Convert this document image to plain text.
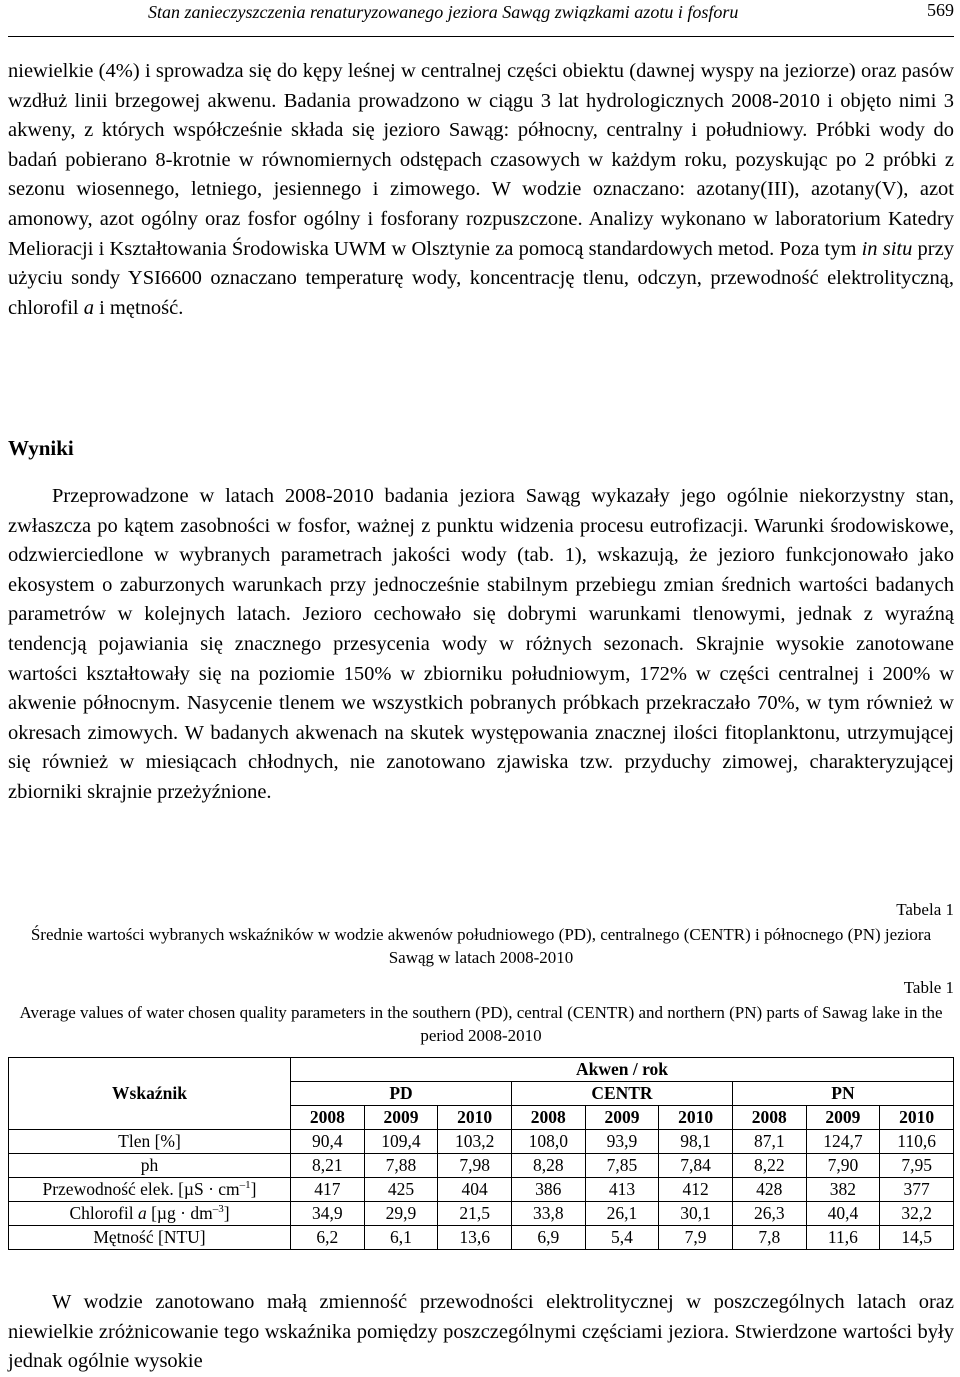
Stan zanieczyszczenia renaturyzowanego jeziora Sawąg związkami azotu i fosforu	569

niewielkie (4%) i sprowadza się do kępy leśnej w centralnej części obiektu (dawnej wyspy na jeziorze) oraz pasów wzdłuż linii brzegowej akwenu. Badania prowadzono w ciągu 3 lat hydrologicznych 2008-2010 i objęto nimi 3 akweny, z których współcześnie składa się jezioro Sawąg: północny, centralny i południowy. Próbki wody do badań pobierano 8-krotnie w równomiernych odstępach czasowych w każdym roku, pozyskując po 2 próbki z sezonu wiosennego, letniego, jesiennego i zimowego. W wodzie oznaczano: azotany(III), azotany(V), azot amonowy, azot ogólny oraz fosfor ogólny i fosforany rozpuszczone. Analizy wykonano w laboratorium Katedry Melioracji i Kształtowania Środowiska UWM w Olsztynie za pomocą standardowych metod. Poza tym in situ przy użyciu sondy YSI6600 oznaczano temperaturę wody, koncentrację tlenu, odczyn, przewodność elektrolityczną, chlorofil a i mętność.

Wyniki

Przeprowadzone w latach 2008-2010 badania jeziora Sawąg wykazały jego ogólnie niekorzystny stan, zwłaszcza po kątem zasobności w fosfor, ważnej z punktu widzenia procesu eutrofizacji. Warunki środowiskowe, odzwierciedlone w wybranych parametrach jakości wody (tab. 1), wskazują, że jezioro funkcjonowało jako ekosystem o zaburzonych warunkach przy jednocześnie stabilnym przebiegu zmian średnich wartości badanych parametrów w kolejnych latach. Jezioro cechowało się dobrymi warunkami tlenowymi, jednak z wyraźną tendencją pojawiania się znacznego przesycenia wody w różnych sezonach. Skrajnie wysokie zanotowane wartości kształtowały się na poziomie 150% w zbiorniku południowym, 172% w części centralnej i 200% w akwenie północnym. Nasycenie tlenem we wszystkich pobranych próbkach przekraczało 70%, w tym również w okresach zimowych. W badanych akwenach na skutek występowania znacznej ilości fitoplanktonu, utrzymującej się również w miesiącach chłodnych, nie zanotowano zjawiska tzw. przyduchy zimowej, charakteryzującej zbiorniki skrajnie przeżyźnione.

Tabela 1

Średnie wartości wybranych wskaźników w wodzie akwenów południowego (PD), centralnego (CENTR) i północnego (PN) jeziora Sawąg w latach 2008-2010

Table 1

Average values of water chosen quality parameters in the southern (PD), central (CENTR) and northern (PN) parts of Sawag lake in the period 2008-2010

Wskaźnik	Akwen / rok								
	PD			CENTR			PN		
	2008	2009	2010	2008	2009	2010	2008	2009	2010
Tlen [%]	90,4	109,4	103,2	108,0	93,9	98,1	87,1	124,7	110,6
ph	8,21	7,88	7,98	8,28	7,85	7,84	8,22	7,90	7,95
Przewodność elek. $[\mu S \cdot cm^{-1}]$	417	425	404	386	413	412	428	382	377
Chlorofil a $[\mu g \cdot dm^{-3}]$	34,9	29,9	21,5	33,8	26,1	30,1	26,3	40,4	32,2
Mętność [NTU]	6,2	6,1	13,6	6,9	5,4	7,9	7,8	11,6	14,5

W wodzie zanotowano małą zmienność przewodności elektrolitycznej w poszczególnych latach oraz niewielkie zróżnicowanie tego wskaźnika pomiędzy poszczególnymi częściami jeziora. Stwierdzone wartości były jednak ogólnie wysokie
